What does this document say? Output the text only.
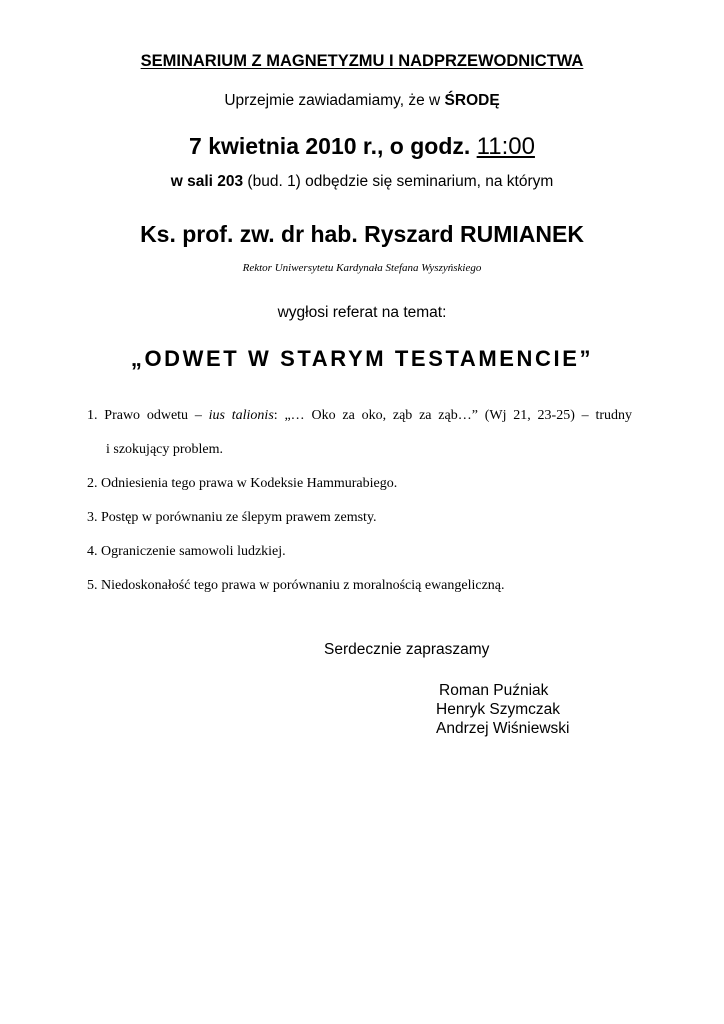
SEMINARIUM Z MAGNETYZMU I NADPRZEWODNICTWA
Uprzejmie zawiadamiamy, że w ŚRODĘ
7 kwietnia 2010 r., o godz. 11:00
w sali 203 (bud. 1) odbędzie się seminarium, na którym
Ks. prof. zw. dr hab. Ryszard RUMIANEK
Rektor Uniwersytetu Kardynała Stefana Wyszyńskiego
wygłosi referat na temat:
„ODWET W STARYM TESTAMENCIE”
1. Prawo odwetu – ius talionis: „… Oko za oko, ząb za ząb…” (Wj 21, 23-25) – trudny
i szokujący problem.
2. Odniesienia tego prawa w Kodeksie Hammurabiego.
3. Postęp w porównaniu ze ślepym prawem zemsty.
4. Ograniczenie samowoli ludzkiej.
5. Niedoskonałość tego prawa w porównaniu z moralnością ewangeliczną.
Serdecznie zapraszamy
Roman Puźniak
Henryk Szymczak
Andrzej Wiśniewski
